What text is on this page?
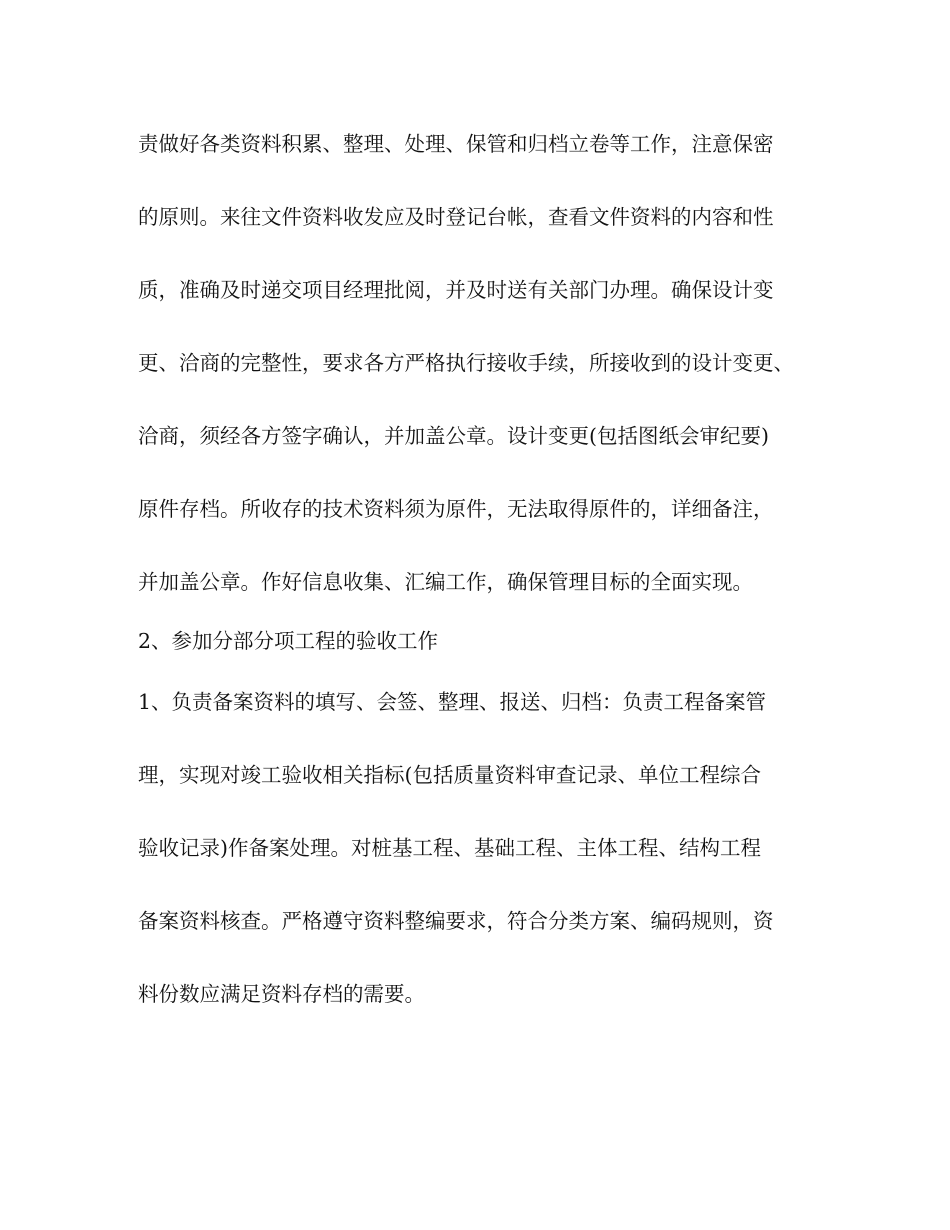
责做好各类资料积累、整理、处理、保管和归档立卷等工作，注意保密

的原则。来往文件资料收发应及时登记台帐，查看文件资料的内容和性

质，准确及时递交项目经理批阅，并及时送有关部门办理。确保设计变

更、洽商的完整性，要求各方严格执行接收手续，所接收到的设计变更、

洽商，须经各方签字确认，并加盖公章。设计变更(包括图纸会审纪要)

原件存档。所收存的技术资料须为原件，无法取得原件的，详细备注，

并加盖公章。作好信息收集、汇编工作，确保管理目标的全面实现。

2、参加分部分项工程的验收工作

1、负责备案资料的填写、会签、整理、报送、归档：负责工程备案管

理，实现对竣工验收相关指标(包括质量资料审查记录、单位工程综合

验收记录)作备案处理。对桩基工程、基础工程、主体工程、结构工程

备案资料核查。严格遵守资料整编要求，符合分类方案、编码规则，资

料份数应满足资料存档的需要。
